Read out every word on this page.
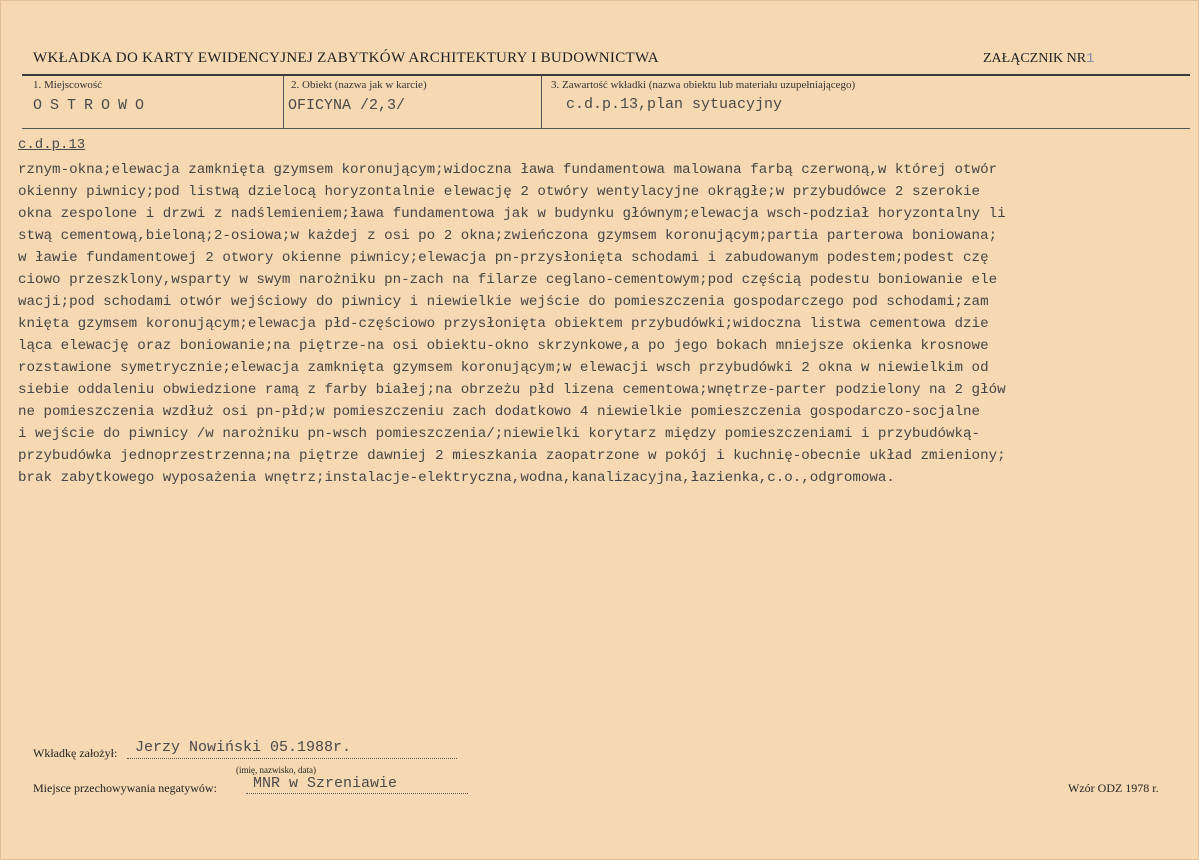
WKŁADKA DO KARTY EWIDENCYJNEJ ZABYTKÓW ARCHITEKTURY I BUDOWNICTWA	ZAŁĄCZNIK NR1
1. Miejscowość
OSTROWO
2. Obiekt (nazwa jak w karcie)
OFICYNA /2,3/
3. Zawartość wkładki (nazwa obiektu lub materiału uzupełniającego)
c.d.p.13,plan sytuacyjny
c.d.p.13
rznym-okna;elewacja zamknięta gzymsem koronującym;widoczna ława fundamentowa malowana farbą czerwoną,w której otwór
okienny piwnicy;pod listwą dzielocą horyzontalnie elewację 2 otwóry wentylacyjne okrągłe;w przybudówce 2 szerokie
okna zespolone i drzwi z nadślemieniem;ława fundamentowa jak w budynku głównym;elewacja wsch-podział horyzontalny li
stwą cementową,bieloną;2-osiowa;w każdej z osi po 2 okna;zwieńczona gzymsem koronującym;partia parterowa boniowana;
w ławie fundamentowej 2 otwory okienne piwnicy;elewacja pn-przysłonięta schodami i zabudowanym podestem;podest czę
ciowo przeszklony,wsparty w swym narożniku pn-zach na filarze ceglano-cementowym;pod częścią podestu boniowanie ele
wacji;pod schodami otwór wejściowy do piwnicy i niewielkie wejście do pomieszczenia gospodarczego pod schodami;zam
knięta gzymsem koronującym;elewacja płd-częściowo przysłonięta obiektem przybudówki;widoczna listwa cementowa dzie
ląca elewację oraz boniowanie;na piętrze-na osi obiektu-okno skrzynkowe,a po jego bokach mniejsze okienka krosnowe
rozstawione symetrycznie;elewacja zamknięta gzymsem koronującym;w elewacji wsch przybudówki 2 okna w niewielkim od
siebie oddaleniu obwiedzione ramą z farby białej;na obrzeżu płd lizena cementowa;wnętrze-parter podzielony na 2 głów
ne pomieszczenia wzdłuż osi pn-płd;w pomieszczeniu zach dodatkowo 4 niewielkie pomieszczenia gospodarczo-socjalne
i wejście do piwnicy /w narożniku pn-wsch pomieszczenia/;niewielki korytarz między pomieszczeniami i przybudówką-
przybudówka jednoprzestrzenna;na piętrze dawniej 2 mieszkania zaopatrzone w pokój i kuchnię-obecnie układ zmieniony;
brak zabytkowego wyposażenia wnętrz;instalacje-elektryczna,wodna,kanalizacyjna,łazienka,c.o.,odgromowa.
Wkładkę założył: Jerzy Nowiński 05.1988r.
(imię, nazwisko, data)
Miejsce przechowywania negatywów: MNR w Szreniawie	Wzór ODZ 1978 r.
